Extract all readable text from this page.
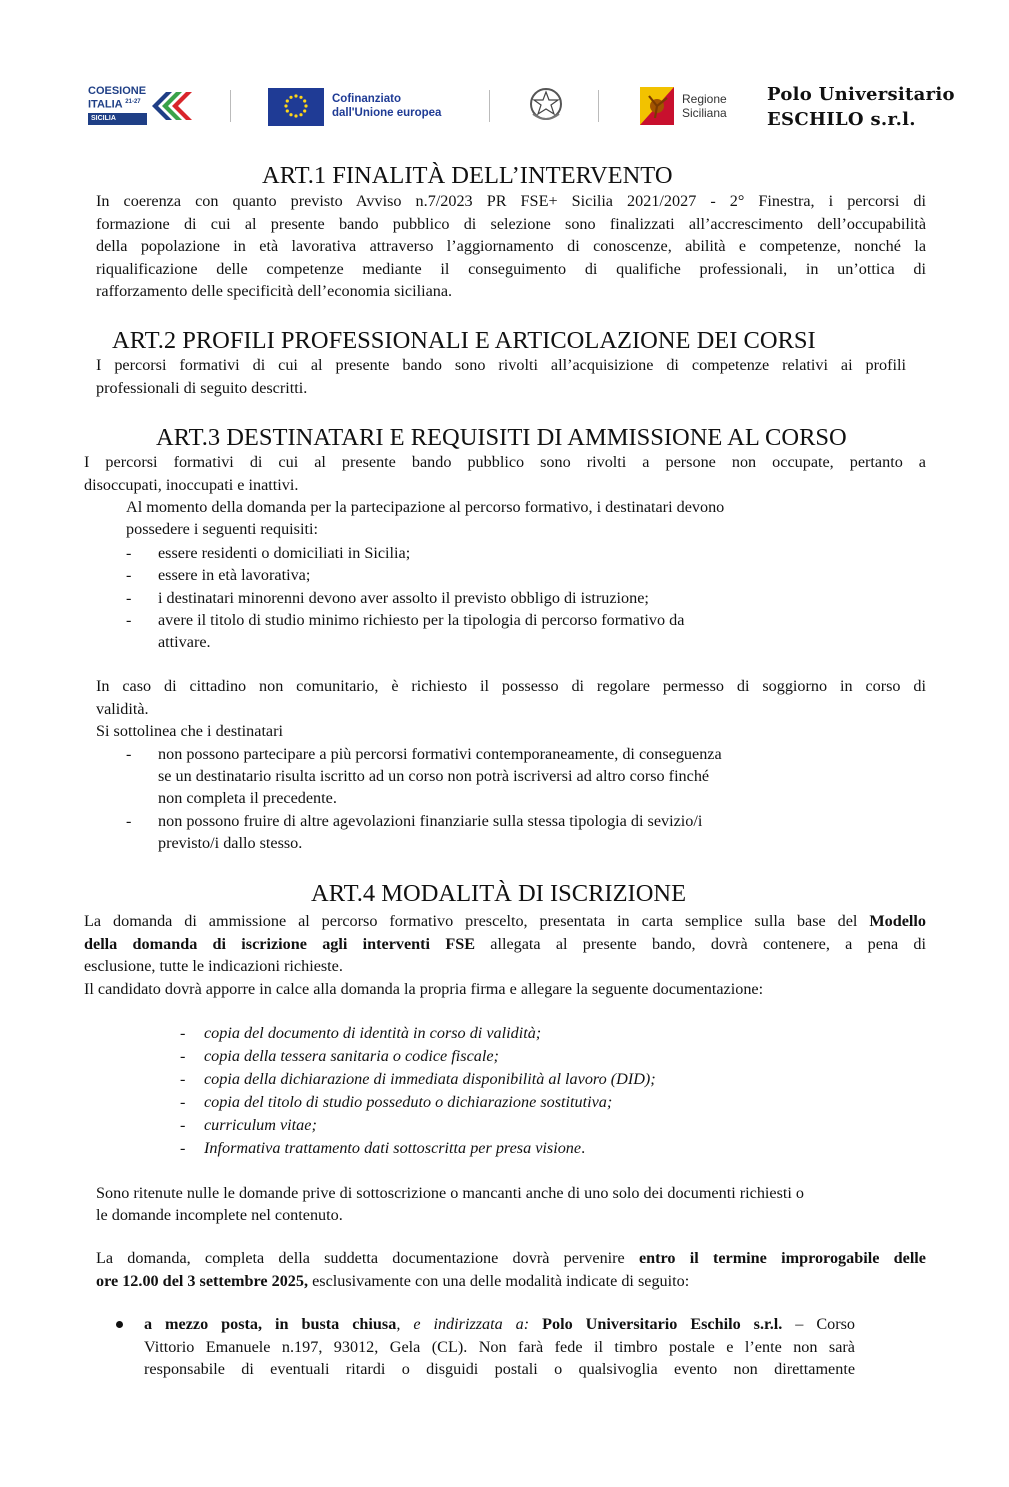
COESIONE
ITALIA $^{21-27}$
SICILIA
Cofinanziato
dall'Unione europea
Regione
Siciliana
Polo Universitario
ESCHILO s.r.l.
ART.1 FINALITÀ DELL’INTERVENTO
In coerenza con quanto previsto Avviso n.7/2023 PR FSE+ Sicilia 2021/2027 - 2° Finestra, i percorsi di
formazione di cui al presente bando pubblico di selezione sono finalizzati all’accrescimento dell’occupabilità
della popolazione in età lavorativa attraverso l’aggiornamento di conoscenze, abilità e competenze, nonché la
riqualificazione delle competenze mediante il conseguimento di qualifiche professionali, in un’ottica di
rafforzamento delle specificità dell’economia siciliana.
ART.2 PROFILI PROFESSIONALI E ARTICOLAZIONE DEI CORSI
I percorsi formativi di cui al presente bando sono rivolti all’acquisizione di competenze relativi ai profili
professionali di seguito descritti.
ART.3 DESTINATARI E REQUISITI DI AMMISSIONE AL CORSO
I percorsi formativi di cui al presente bando pubblico sono rivolti a persone non occupate, pertanto a
disoccupati, inoccupati e inattivi.
Al momento della domanda per la partecipazione al percorso formativo, i destinatari devono
possedere i seguenti requisiti:
- essere residenti o domiciliati in Sicilia;
- essere in età lavorativa;
- i destinatari minorenni devono aver assolto il previsto obbligo di istruzione;
- avere il titolo di studio minimo richiesto per la tipologia di percorso formativo da
attivare.
In caso di cittadino non comunitario, è richiesto il possesso di regolare permesso di soggiorno in corso di
validità.
Si sottolinea che i destinatari
- non possono partecipare a più percorsi formativi contemporaneamente, di conseguenza
se un destinatario risulta iscritto ad un corso non potrà iscriversi ad altro corso finché
non completa il precedente.
- non possono fruire di altre agevolazioni finanziarie sulla stessa tipologia di sevizio/i
previsto/i dallo stesso.
ART.4 MODALITÀ DI ISCRIZIONE
La domanda di ammissione al percorso formativo prescelto, presentata in carta semplice sulla base del Modello
della domanda di iscrizione agli interventi FSE allegata al presente bando, dovrà contenere, a pena di
esclusione, tutte le indicazioni richieste.
Il candidato dovrà apporre in calce alla domanda la propria firma e allegare la seguente documentazione:
- copia del documento di identità in corso di validità;
- copia della tessera sanitaria o codice fiscale;
- copia della dichiarazione di immediata disponibilità al lavoro (DID);
- copia del titolo di studio posseduto o dichiarazione sostitutiva;
- curriculum vitae;
- Informativa trattamento dati sottoscritta per presa visione.
Sono ritenute nulle le domande prive di sottoscrizione o mancanti anche di uno solo dei documenti richiesti o
le domande incomplete nel contenuto.
La domanda, completa della suddetta documentazione dovrà pervenire entro il termine improrogabile delle
ore 12.00 del 3 settembre 2025, esclusivamente con una delle modalità indicate di seguito:
a mezzo posta, in busta chiusa, e indirizzata a: Polo Universitario Eschilo s.r.l. – Corso
Vittorio Emanuele n.197, 93012, Gela (CL). Non farà fede il timbro postale e l’ente non sarà
responsabile di eventuali ritardi o disguidi postali o qualsivoglia evento non direttamente
